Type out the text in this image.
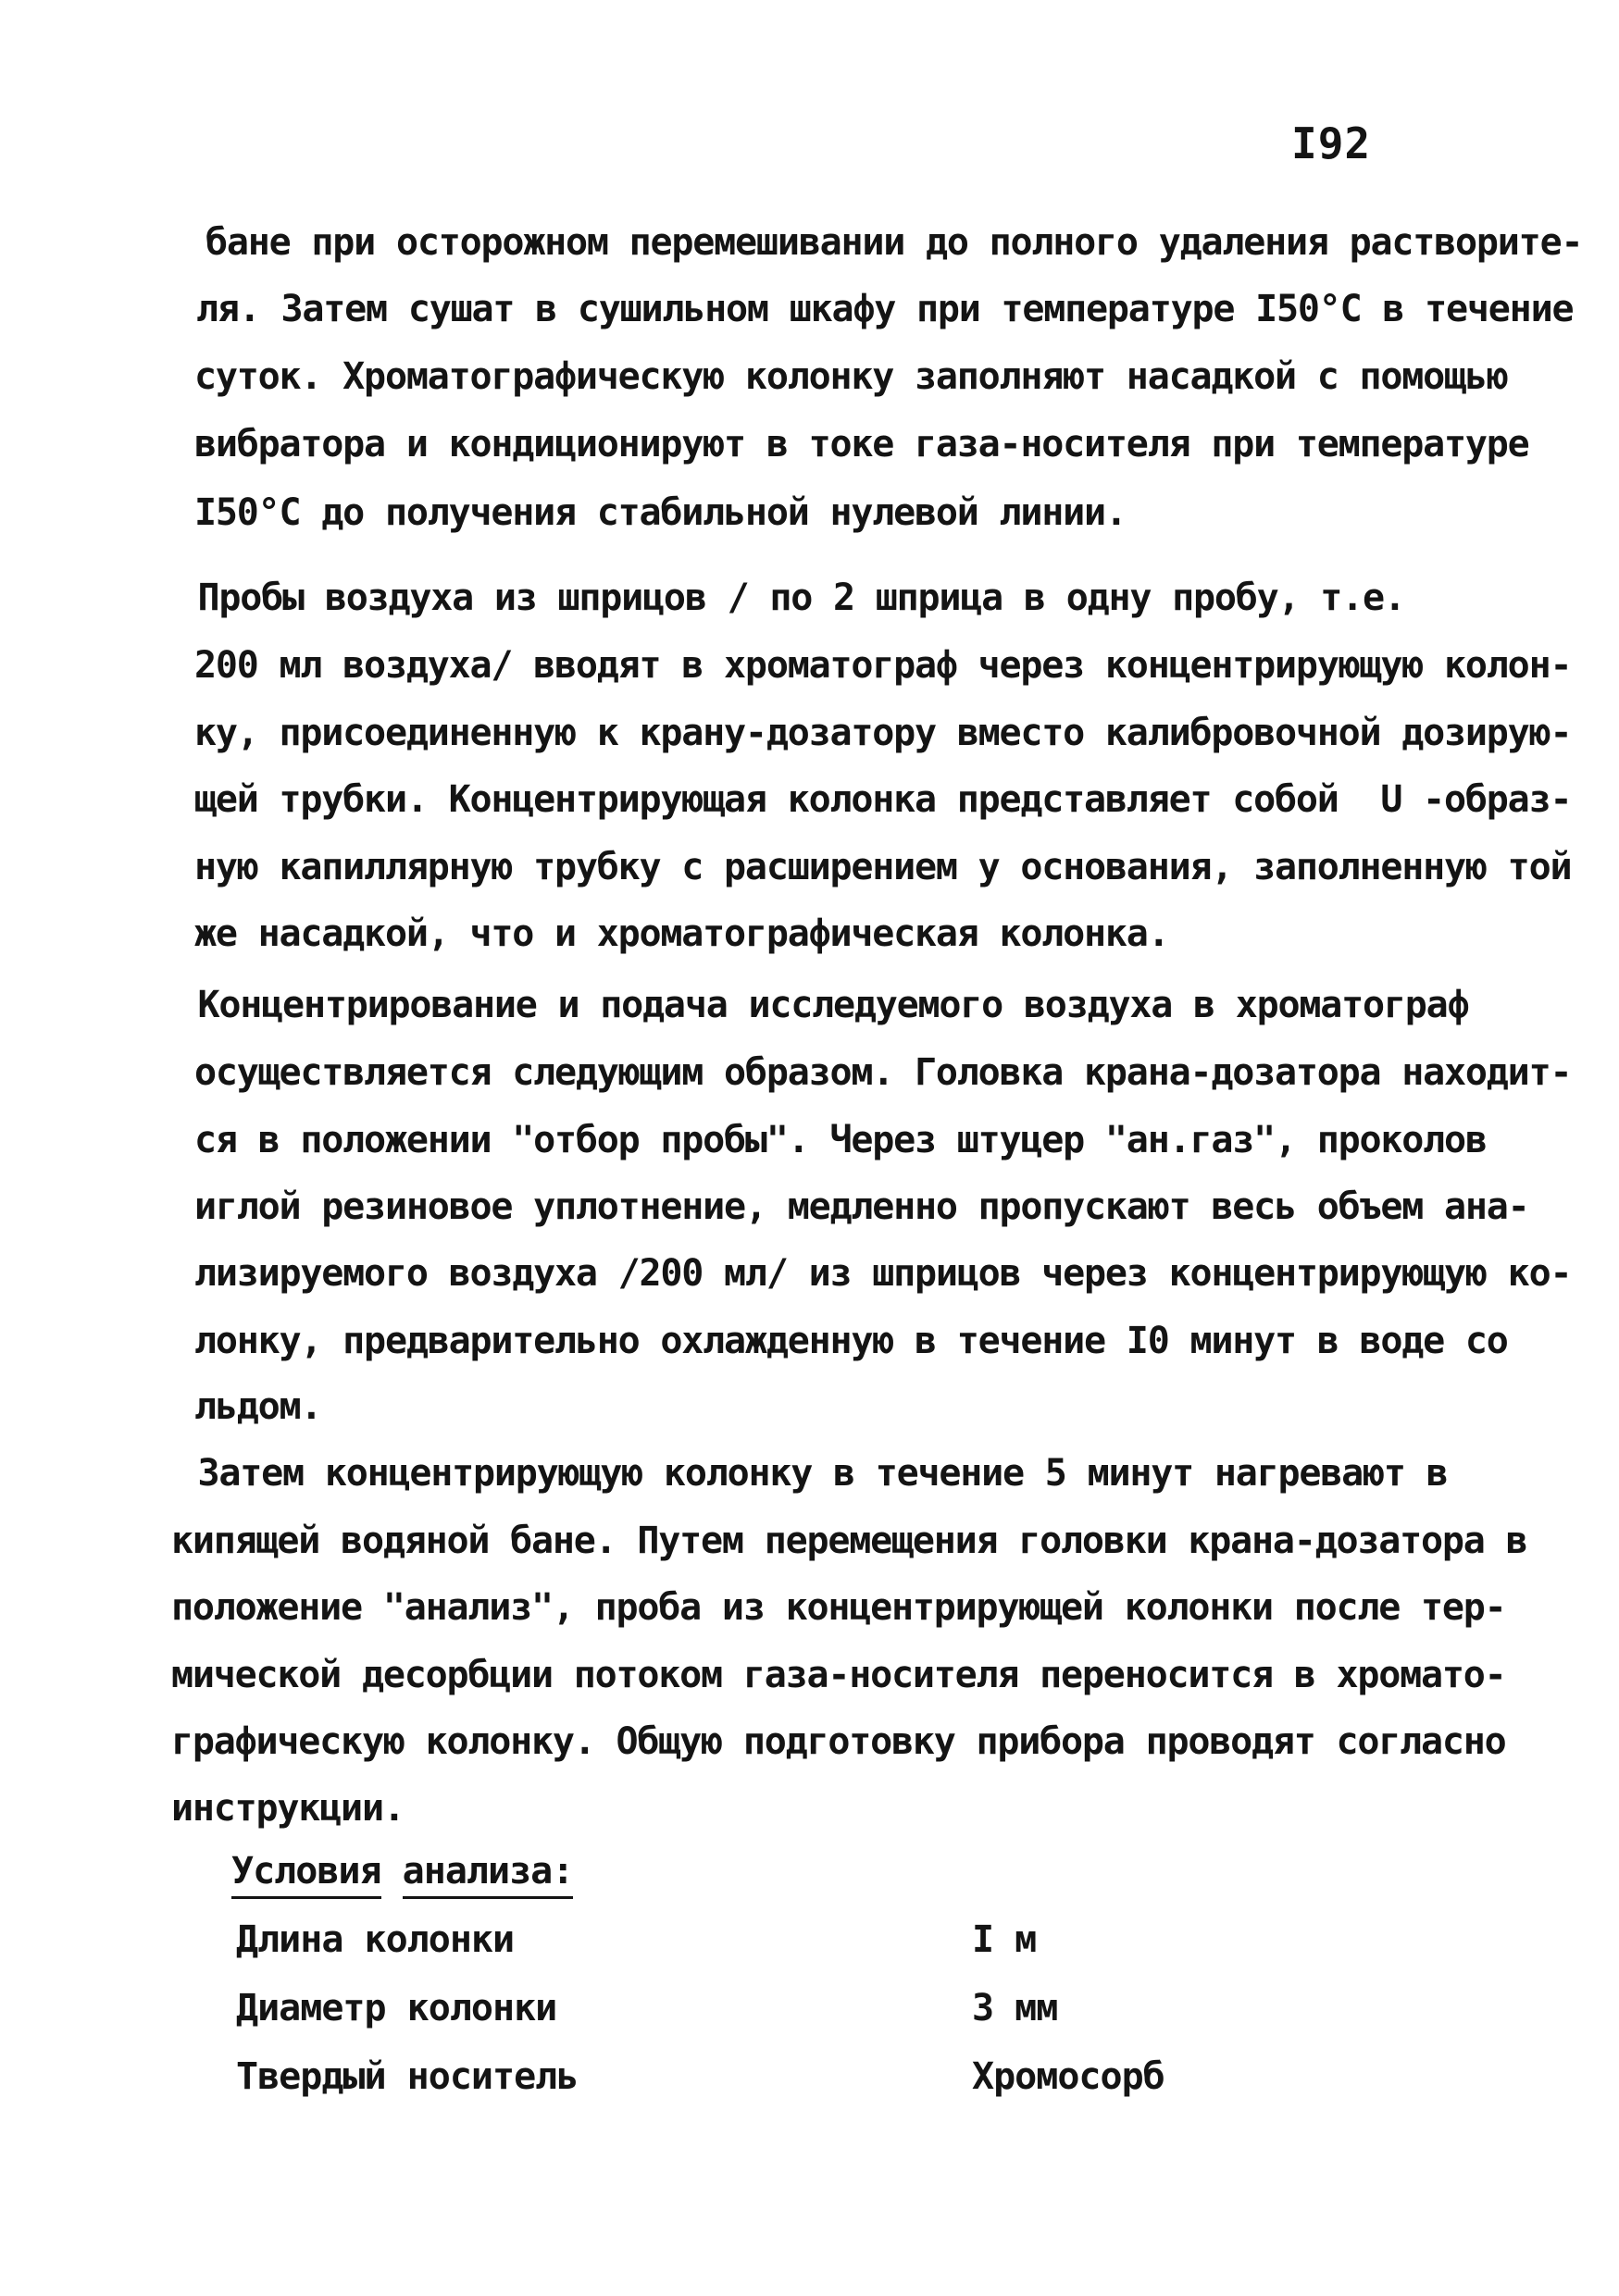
I92
бане при осторожном перемешивании до полного удаления растворите-
ля. Затем сушат в сушильном шкафу при температуре I50°C в течение
суток. Хроматографическую колонку заполняют насадкой с помощью
вибратора и кондиционируют в токе газа-носителя при температуре
I50°C до получения стабильной нулевой линии.
Пробы воздуха из шприцов / по 2 шприца в одну пробу, т.е.
200 мл воздуха/ вводят в хроматограф через концентрирующую колон-
ку, присоединенную к крану-дозатору вместо калибровочной дозирую-
щей трубки. Концентрирующая колонка представляет собой  U -образ-
ную капиллярную трубку с расширением у основания, заполненную той
же насадкой, что и хроматографическая колонка.
Концентрирование и подача исследуемого воздуха в хроматограф
осуществляется следующим образом. Головка крана-дозатора находит-
ся в положении "отбор пробы". Через штуцер "ан.газ", проколов
иглой резиновое уплотнение, медленно пропускают весь объем ана-
лизируемого воздуха /200 мл/ из шприцов через концентрирующую ко-
лонку, предварительно охлажденную в течение I0 минут в воде со
льдом.
Затем концентрирующую колонку в течение 5 минут нагревают в
кипящей водяной бане. Путем перемещения головки крана-дозатора в
положение "анализ", проба из концентрирующей колонки после тер-
мической десорбции потоком газа-носителя переносится в хромато-
графическую колонку. Общую подготовку прибора проводят согласно
инструкции.
Условия анализа:
Длина колонки	I м
Диаметр колонки	3 мм
Твердый носитель	Хромосорб
